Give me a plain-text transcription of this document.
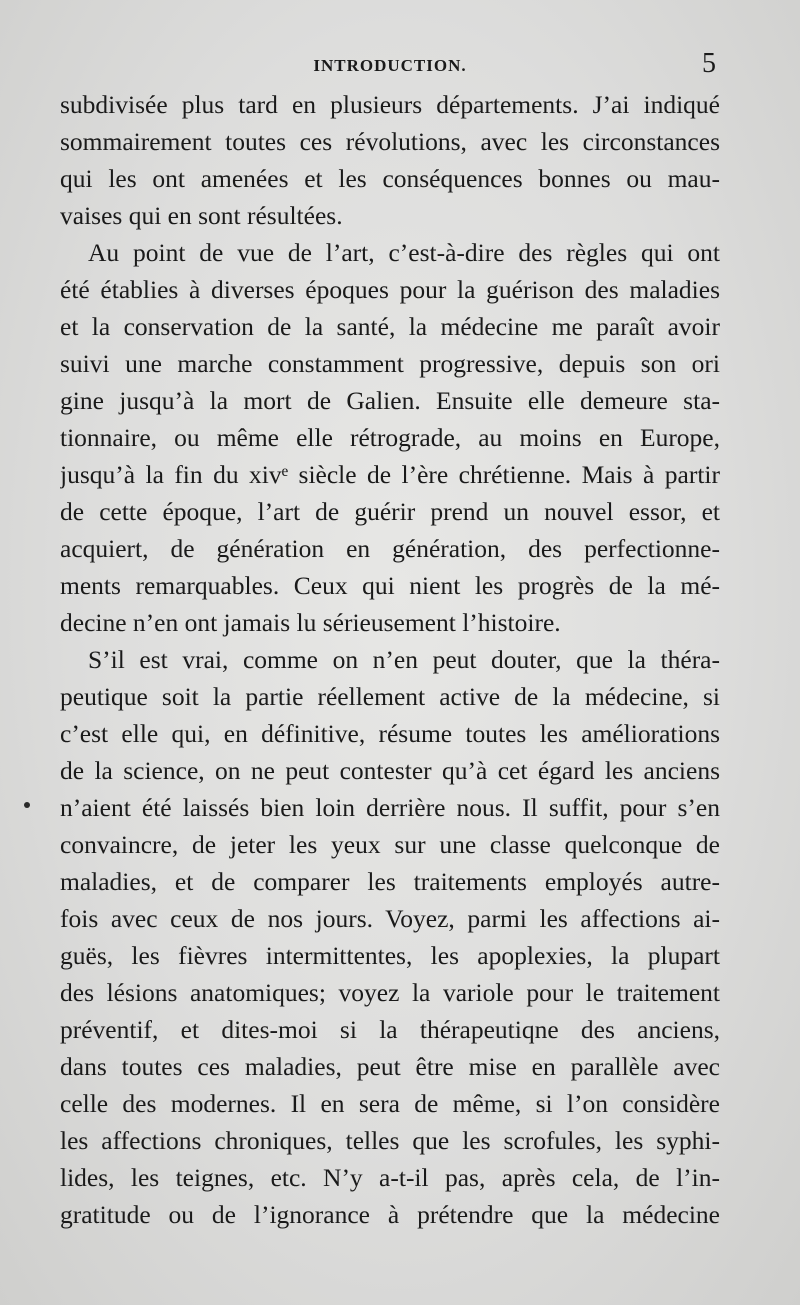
INTRODUCTION.	5
subdivisée plus tard en plusieurs départements. J’ai indiqué
sommairement toutes ces révolutions, avec les circonstances
qui les ont amenées et les conséquences bonnes ou mau-
vaises qui en sont résultées.
Au point de vue de l’art, c’est-à-dire des règles qui ont
été établies à diverses époques pour la guérison des maladies
et la conservation de la santé, la médecine me paraît avoir
suivi une marche constamment progressive, depuis son ori
gine jusqu’à la mort de Galien. Ensuite elle demeure sta-
tionnaire, ou même elle rétrograde, au moins en Europe,
jusqu’à la fin du xivᵉ siècle de l’ère chrétienne. Mais à partir
de cette époque, l’art de guérir prend un nouvel essor, et
acquiert, de génération en génération, des perfectionne-
ments remarquables. Ceux qui nient les progrès de la mé-
decine n’en ont jamais lu sérieusement l’histoire.
S’il est vrai, comme on n’en peut douter, que la théra-
peutique soit la partie réellement active de la médecine, si
c’est elle qui, en définitive, résume toutes les améliorations
de la science, on ne peut contester qu’à cet égard les anciens
n’aient été laissés bien loin derrière nous. Il suffit, pour s’en
convaincre, de jeter les yeux sur une classe quelconque de
maladies, et de comparer les traitements employés autre-
fois avec ceux de nos jours. Voyez, parmi les affections ai-
guës, les fièvres intermittentes, les apoplexies, la plupart
des lésions anatomiques; voyez la variole pour le traitement
préventif, et dites-moi si la thérapeutiqne des anciens,
dans toutes ces maladies, peut être mise en parallèle avec
celle des modernes. Il en sera de même, si l’on considère
les affections chroniques, telles que les scrofules, les syphi-
lides, les teignes, etc. N’y a-t-il pas, après cela, de l’in-
gratitude ou de l’ignorance à prétendre que la médecine
